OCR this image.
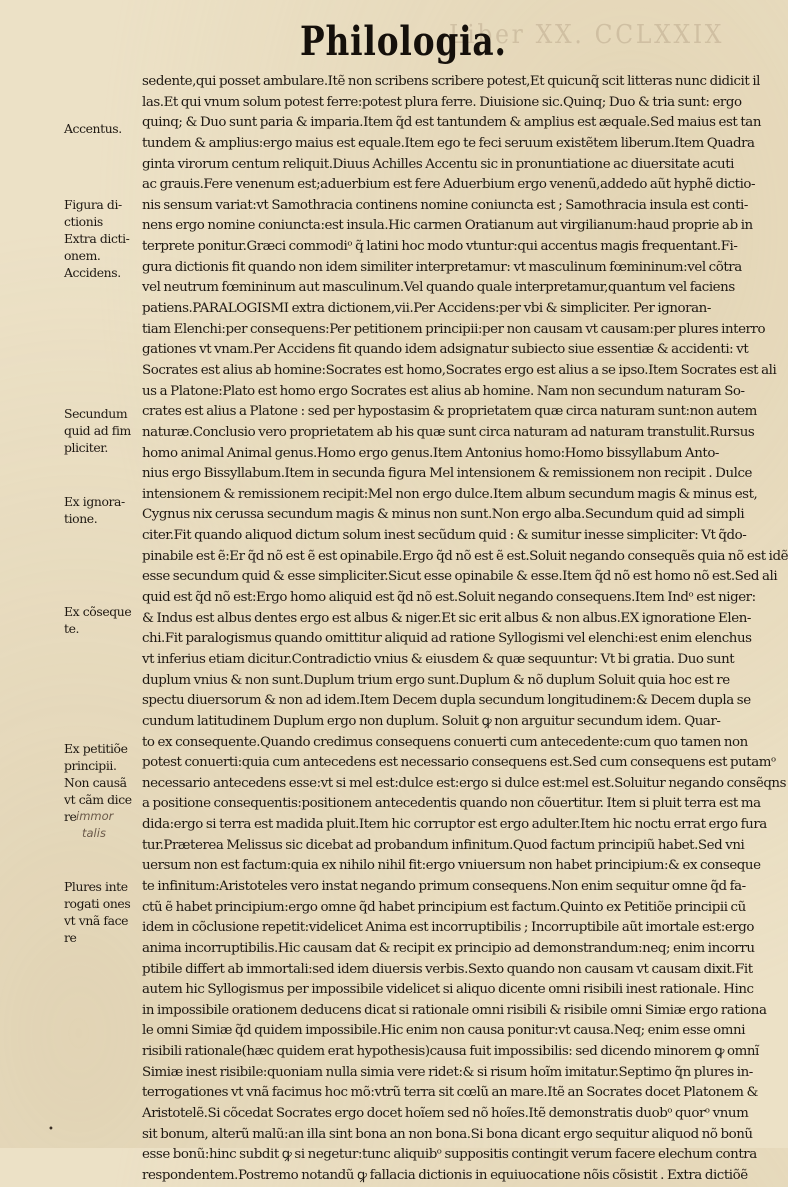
Liber XX. CCLXXIX
Philologia.
Accentus.
Figura di-
ctionis
Extra dicti-
onem.
Accidens.
Secundum
quid ad fim
pliciter.
Ex ignora-
tione.
Ex cõseque
te.
Ex petitiõe
principii.
Non causã
vt cãm dice
re immor
talis
Plures inte
rogati ones
vt vnã face
re
sedente,qui posset ambulare.Itẽ non scribens scribere potest,Et quicunq̃ scit litteras nunc didicit il
las.Et qui vnum solum potest ferre:potest plura ferre. Diuisione sic.Quinq; Duo & tria sunt: ergo
quinq; & Duo sunt paria & imparia.Item q̃d est tantundem & amplius est æquale.Sed maius est tan
tundem & amplius:ergo maius est equale.Item ego te feci seruum existẽtem liberum.Item Quadra
ginta virorum centum reliquit.Diuus Achilles Accentu sic in pronuntiatione ac diuersitate acuti
ac grauis.Fere venenum est;aduerbium est fere Aduerbium ergo venenũ,addedo aũt hyphẽ dictio-
nis sensum variat:vt Samothracia continens nomine coniuncta est ; Samothracia insula est conti-
nens ergo nomine coniuncta:est insula.Hic carmen Oratianum aut virgilianum:haud proprie ab in
terprete ponitur.Græci commodiᵒ q̃ latini hoc modo vtuntur:qui accentus magis frequentant.Fi-
gura dictionis fit quando non idem similiter interpretamur: vt masculinum fœmininum:vel cõtra
vel neutrum fœmininum aut masculinum.Vel quando quale interpretamur,quantum vel faciens
patiens.PARALOGISMI extra dictionem,vii.Per Accidens:per vbi & simpliciter. Per ignoran-
tiam Elenchi:per consequens:Per petitionem principii:per non causam vt causam:per plures interro
gationes vt vnam.Per Accidens fit quando idem adsignatur subiecto siue essentiæ & accidenti: vt
Socrates est alius ab homine:Socrates est homo,Socrates ergo est alius a se ipso.Item Socrates est ali
us a Platone:Plato est homo ergo Socrates est alius ab homine. Nam non secundum naturam So-
crates est alius a Platone : sed per hypostasim & proprietatem quæ circa naturam sunt:non autem
naturæ.Conclusio vero proprietatem ab his quæ sunt circa naturam ad naturam transtulit.Rursus
homo animal Animal genus.Homo ergo genus.Item Antonius homo:Homo bissyllabum Anto-
nius ergo Bissyllabum.Item in secunda figura Mel intensionem & remissionem non recipit . Dulce
intensionem & remissionem recipit:Mel non ergo dulce.Item album secundum magis & minus est,
Cygnus nix cerussa secundum magis & minus non sunt.Non ergo alba.Secundum quid ad simpli
citer.Fit quando aliquod dictum solum inest secũdum quid : & sumitur inesse simpliciter: Vt q̃do-
pinabile est ẽ:Er q̃d nõ est ẽ est opinabile.Ergo q̃d nõ est ẽ est.Soluit negando consequẽs quia nõ est idẽ
esse secundum quid & esse simpliciter.Sicut esse opinabile & esse.Item q̃d nõ est homo nõ est.Sed ali
quid est q̃d nõ est:Ergo homo aliquid est q̃d nõ est.Soluit negando consequens.Item Indᵒ est niger:
& Indus est albus dentes ergo est albus & niger.Et sic erit albus & non albus.EX ignoratione Elen-
chi.Fit paralogismus quando omittitur aliquid ad ratione Syllogismi vel elenchi:est enim elenchus
vt inferius etiam dicitur.Contradictio vnius & eiusdem & quæ sequuntur: Vt bi gratia. Duo sunt
duplum vnius & non sunt.Duplum trium ergo sunt.Duplum & nõ duplum Soluit quia hoc est re
spectu diuersorum & non ad idem.Item Decem dupla secundum longitudinem:& Decem dupla se
cundum latitudinem Duplum ergo non duplum. Soluit ꝙ non arguitur secundum idem. Quar-
to ex consequente.Quando credimus consequens conuerti cum antecedente:cum quo tamen non
potest conuerti:quia cum antecedens est necessario consequens est.Sed cum consequens est putamᵒ
necessario antecedens esse:vt si mel est:dulce est:ergo si dulce est:mel est.Soluitur negando consẽqns
a positione consequentis:positionem antecedentis quando non cõuertitur. Item si pluit terra est ma
dida:ergo si terra est madida pluit.Item hic corruptor est ergo adulter.Item hic noctu errat ergo fura
tur.Præterea Melissus sic dicebat ad probandum infinitum.Quod factum principiũ habet.Sed vni
uersum non est factum:quia ex nihilo nihil fit:ergo vniuersum non habet principium:& ex conseque
te infinitum:Aristoteles vero instat negando primum consequens.Non enim sequitur omne q̃d fa-
ctũ ẽ habet principium:ergo omne q̃d habet principium est factum.Quinto ex Petitiõe principii cũ
idem in cõclusione repetit:videlicet Anima est incorruptibilis ; Incorruptibile aũt imortale est:ergo
anima incorruptibilis.Hic causam dat & recipit ex principio ad demonstrandum:neq; enim incorru
ptibile differt ab immortali:sed idem diuersis verbis.Sexto quando non causam vt causam dixit.Fit
autem hic Syllogismus per impossibile videlicet si aliquo dicente omni risibili inest rationale. Hinc
in impossibile orationem deducens dicat si rationale omni risibili & risibile omni Simiæ ergo rationa
le omni Simiæ q̃d quidem impossibile.Hic enim non causa ponitur:vt causa.Neq; enim esse omni
risibili rationale(hæc quidem erat hypothesis)causa fuit impossibilis: sed dicendo minorem ꝙ omnĩ
Simiæ inest risibile:quoniam nulla simia vere ridet:& si risum hoĩm imitatur.Septimo q̃n plures in-
terrogationes vt vnã facimus hoc mõ:vtrũ terra sit cœlũ an mare.Itẽ an Socrates docet Platonem &
Aristotelẽ.Si cõcedat Socrates ergo docet hoĩem sed nõ hoĩes.Itẽ demonstratis duobᵒ quorᵒ vnum
sit bonum, alterũ malũ:an illa sint bona an non bona.Si bona dicant ergo sequitur aliquod nõ bonũ
esse bonũ:hinc subdit ꝙ si negetur:tunc aliquibᵒ suppositis contingit verum facere elechum contra
respondentem.Postremo notandũ ꝙ fallacia dictionis in equiuocatione nõis cõsistit . Extra dictiõẽ
•
